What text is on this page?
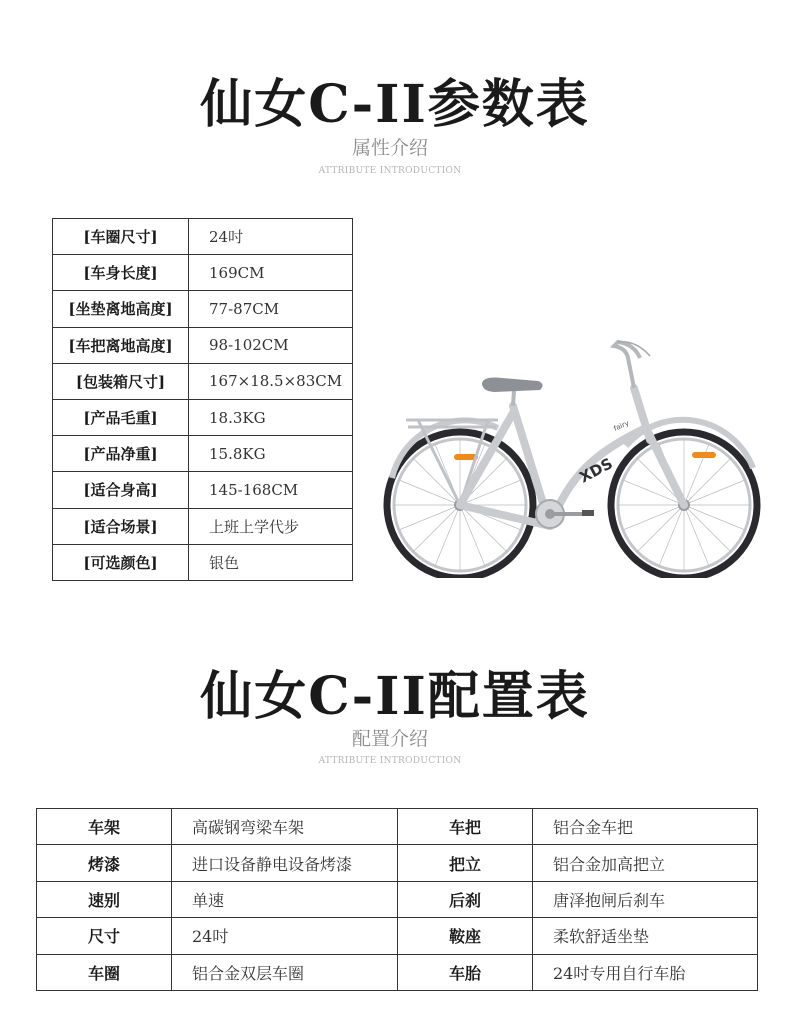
仙女C-II参数表
属性介绍
ATTRIBUTE INTRODUCTION
[车圈尺寸]	24吋
[车身长度]	169CM
[坐垫离地高度]	77-87CM
[车把离地高度]	98-102CM
[包装箱尺寸]	167×18.5×83CM
[产品毛重]	18.3KG
[产品净重]	15.8KG
[适合身高]	145-168CM
[适合场景]	上班上学代步
[可选颜色]	银色
XDS
fairy
仙女C-II配置表
配置介绍
ATTRIBUTE INTRODUCTION
车架	高碳钢弯梁车架	车把	铝合金车把
烤漆	进口设备静电设备烤漆	把立	铝合金加高把立
速别	单速	后刹	唐泽抱闸后刹车
尺寸	24吋	鞍座	柔软舒适坐垫
车圈	铝合金双层车圈	车胎	24吋专用自行车胎
